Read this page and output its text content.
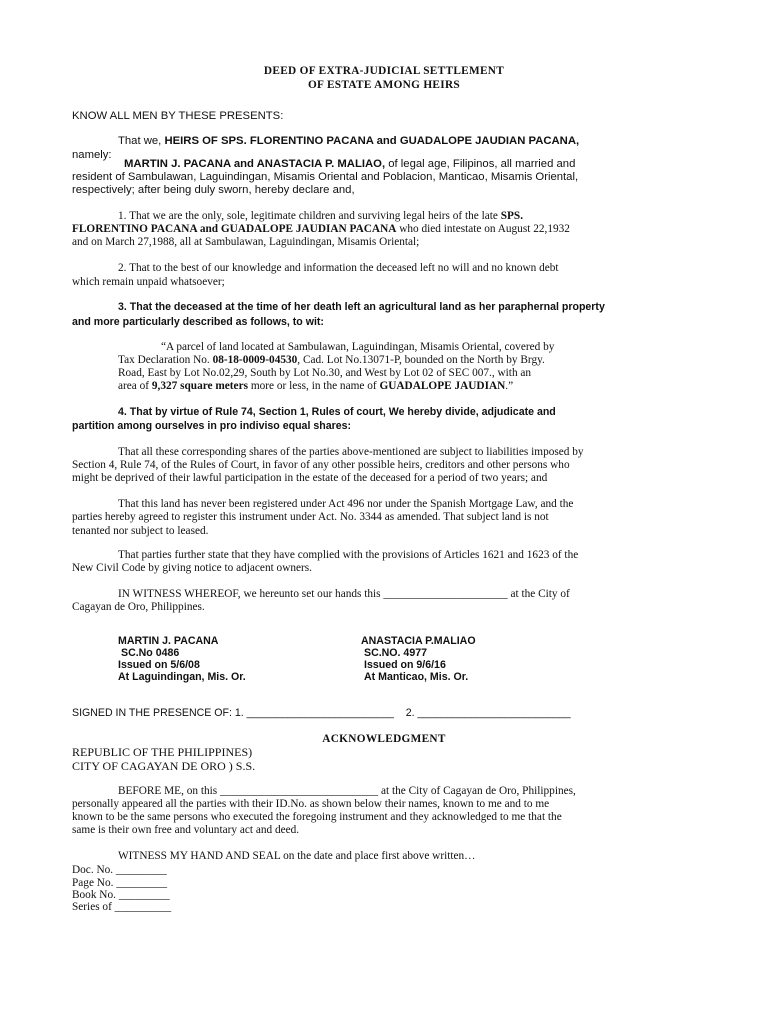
DEED OF EXTRA-JUDICIAL SETTLEMENT

OF ESTATE AMONG HEIRS

KNOW ALL MEN BY THESE PRESENTS:

That we, HEIRS OF SPS. FLORENTINO PACANA and GUADALOPE JAUDIAN PACANA,

namely:

MARTIN J. PACANA and ANASTACIA P. MALIAO, of legal age, Filipinos, all married and

resident of Sambulawan, Laguindingan, Misamis Oriental and Poblacion, Manticao, Misamis Oriental,

respectively; after being duly sworn, hereby declare and,

1. That we are the only, sole, legitimate children and surviving legal heirs of the late SPS.

FLORENTINO PACANA and GUADALOPE JAUDIAN PACANA who died intestate on August 22,1932

and on March 27,1988, all at Sambulawan, Laguindingan, Misamis Oriental;

2. That to the best of our knowledge and information the deceased left no will and no known debt

which remain unpaid whatsoever;

3. That the deceased at the time of her death left an agricultural land as her paraphernal property

and more particularly described as follows, to wit:

“A parcel of land located at Sambulawan, Laguindingan, Misamis Oriental, covered by

Tax Declaration No. 08-18-0009-04530, Cad. Lot No.13071-P, bounded on the North by Brgy.

Road, East by Lot No.02,29, South by Lot No.30, and West by Lot 02 of SEC 007., with an

area of 9,327 square meters more or less, in the name of GUADALOPE JAUDIAN.”

4. That by virtue of Rule 74, Section 1, Rules of court, We hereby divide, adjudicate and

partition among ourselves in pro indiviso equal shares:

That all these corresponding shares of the parties above-mentioned are subject to liabilities imposed by

Section 4, Rule 74, of the Rules of Court, in favor of any other possible heirs, creditors and other persons who

might be deprived of their lawful participation in the estate of the deceased for a period of two years; and

That this land has never been registered under Act 496 nor under the Spanish Mortgage Law, and the

parties hereby agreed to register this instrument under Act. No. 3344 as amended. That subject land is not

tenanted nor subject to leased.

That parties further state that they have complied with the provisions of Articles 1621 and 1623 of the

New Civil Code by giving notice to adjacent owners.

IN WITNESS WHEREOF, we hereunto set our hands this ______________________ at the City of

Cagayan de Oro, Philippines.

MARTIN J. PACANA

SC.No 0486

Issued on 5/6/08

At Laguindingan, Mis. Or.

ANASTACIA P.MALIAO

SC.NO. 4977

Issued on 9/6/16

At Manticao, Mis. Or.

SIGNED IN THE PRESENCE OF: 1. _________________________ 2. __________________________

ACKNOWLEDGMENT

REPUBLIC OF THE PHILIPPINES)

CITY OF CAGAYAN DE ORO ) S.S.

BEFORE ME, on this ____________________________ at the City of Cagayan de Oro, Philippines,

personally appeared all the parties with their ID.No. as shown below their names, known to me and to me

known to be the same persons who executed the foregoing instrument and they acknowledged to me that the

same is their own free and voluntary act and deed.

WITNESS MY HAND AND SEAL on the date and place first above written…

Doc. No. _________

Page No. _________

Book No. _________

Series of __________
